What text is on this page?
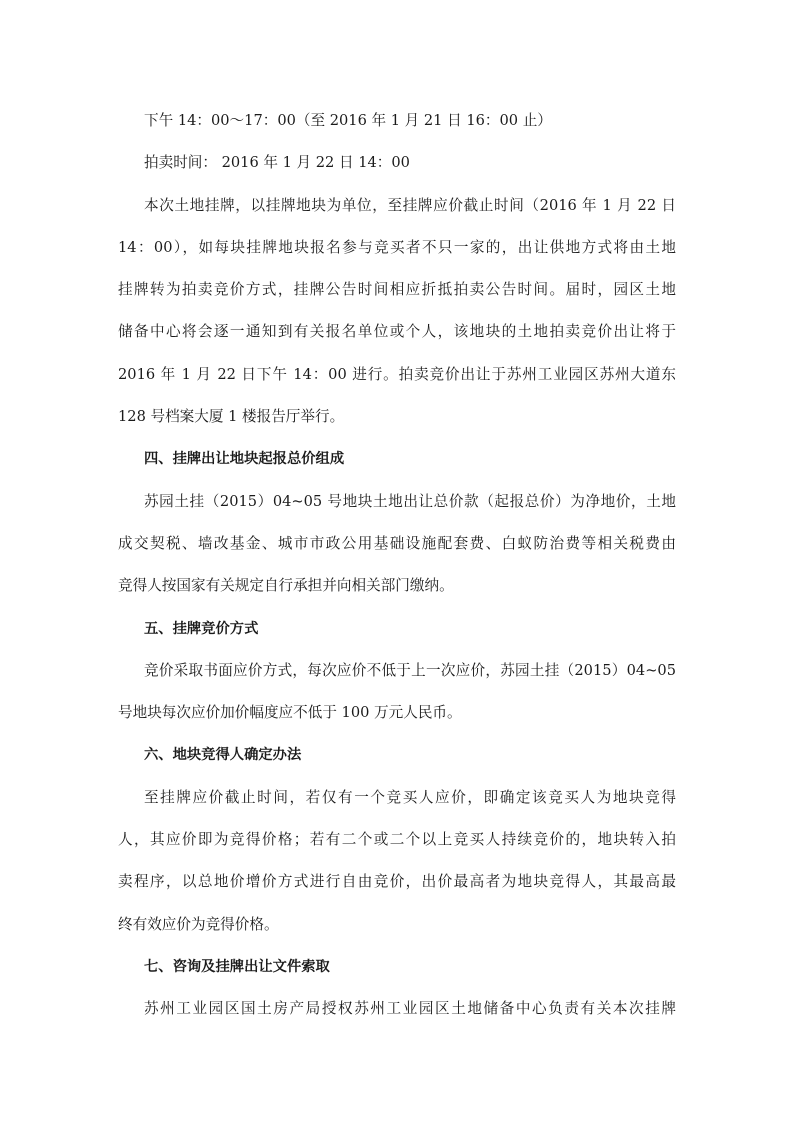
下午 14：00～17：00（至 2016 年 1 月 21 日 16：00 止）
拍卖时间： 2016 年 1 月 22 日 14：00
本次土地挂牌，以挂牌地块为单位，至挂牌应价截止时间（2016 年 1 月 22 日
14：00），如每块挂牌地块报名参与竞买者不只一家的，出让供地方式将由土地
挂牌转为拍卖竞价方式，挂牌公告时间相应折抵拍卖公告时间。届时，园区土地
储备中心将会逐一通知到有关报名单位或个人，该地块的土地拍卖竞价出让将于
2016 年 1 月 22 日下午 14：00 进行。拍卖竞价出让于苏州工业园区苏州大道东
128 号档案大厦 1 楼报告厅举行。
四、挂牌出让地块起报总价组成
苏园土挂（2015）04~05 号地块土地出让总价款（起报总价）为净地价，土地
成交契税、墙改基金、城市市政公用基础设施配套费、白蚁防治费等相关税费由
竞得人按国家有关规定自行承担并向相关部门缴纳。
五、挂牌竞价方式
竞价采取书面应价方式，每次应价不低于上一次应价，苏园土挂（2015）04~05
号地块每次应价加价幅度应不低于 100 万元人民币。
六、地块竞得人确定办法
至挂牌应价截止时间，若仅有一个竞买人应价，即确定该竞买人为地块竞得
人，其应价即为竞得价格；若有二个或二个以上竞买人持续竞价的，地块转入拍
卖程序，以总地价增价方式进行自由竞价，出价最高者为地块竞得人，其最高最
终有效应价为竞得价格。
七、咨询及挂牌出让文件索取
苏州工业园区国土房产局授权苏州工业园区土地储备中心负责有关本次挂牌
